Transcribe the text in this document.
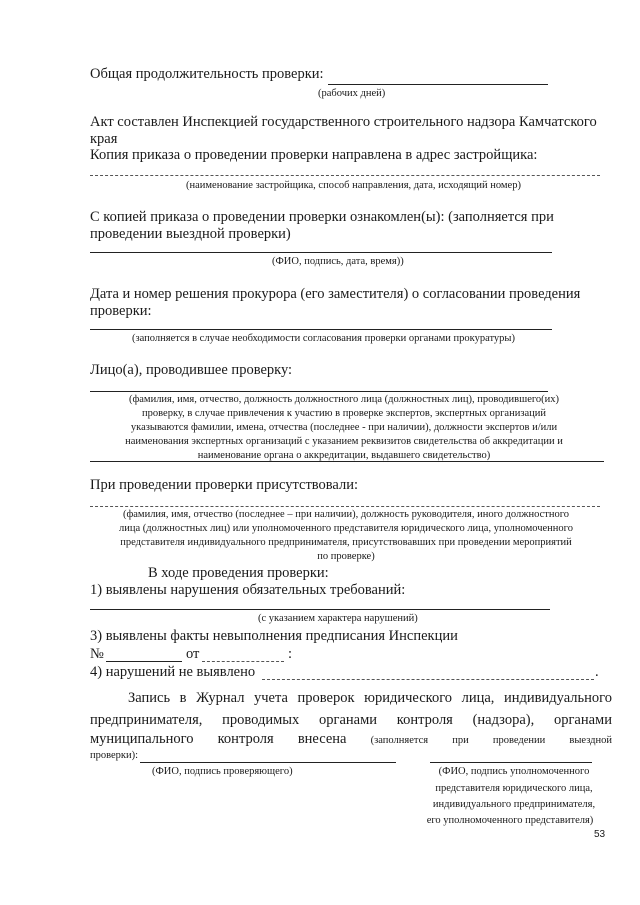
Общая продолжительность проверки:
(рабочих дней)
Акт составлен Инспекцией государственного строительного надзора Камчатского
края
Копия приказа о проведении проверки направлена в адрес застройщика:
(наименование застройщика, способ направления, дата, исходящий номер)
С копией приказа о проведении проверки ознакомлен(ы): (заполняется при
проведении выездной проверки)
(ФИО, подпись, дата, время))
Дата и номер решения прокурора (его заместителя) о согласовании проведения
проверки:
(заполняется в случае необходимости согласования проверки органами прокуратуры)
Лицо(а), проводившее проверку:
(фамилия, имя, отчество, должность должностного лица (должностных лиц), проводившего(их)
проверку, в случае привлечения к участию в проверке экспертов, экспертных организаций
указываются фамилии, имена, отчества (последнее - при наличии), должности экспертов и/или
наименования экспертных организаций с указанием реквизитов свидетельства об аккредитации и
наименование органа о аккредитации, выдавшего свидетельство)
При проведении проверки присутствовали:
(фамилия, имя, отчество (последнее – при наличии), должность руководителя, иного должностного
лица (должностных лиц) или уполномоченного представителя юридического лица, уполномоченного
представителя индивидуального предпринимателя, присутствовавших при проведении мероприятий
по проверке)
В ходе проведения проверки:
1) выявлены нарушения обязательных требований:
(с указанием характера нарушений)
3) выявлены факты невыполнения предписания Инспекции
№	от	:
4) нарушений не выявлено	.
Запись в Журнал учета проверок юридического лица, индивидуального
предпринимателя, проводимых органами контроля (надзора), органами
муниципального контроля внесена (заполняется при проведении выездной
проверки):
(ФИО, подпись проверяющего)	(ФИО, подпись уполномоченного
представителя юридического лица,
индивидуального предпринимателя,
его уполномоченного представителя)
53
